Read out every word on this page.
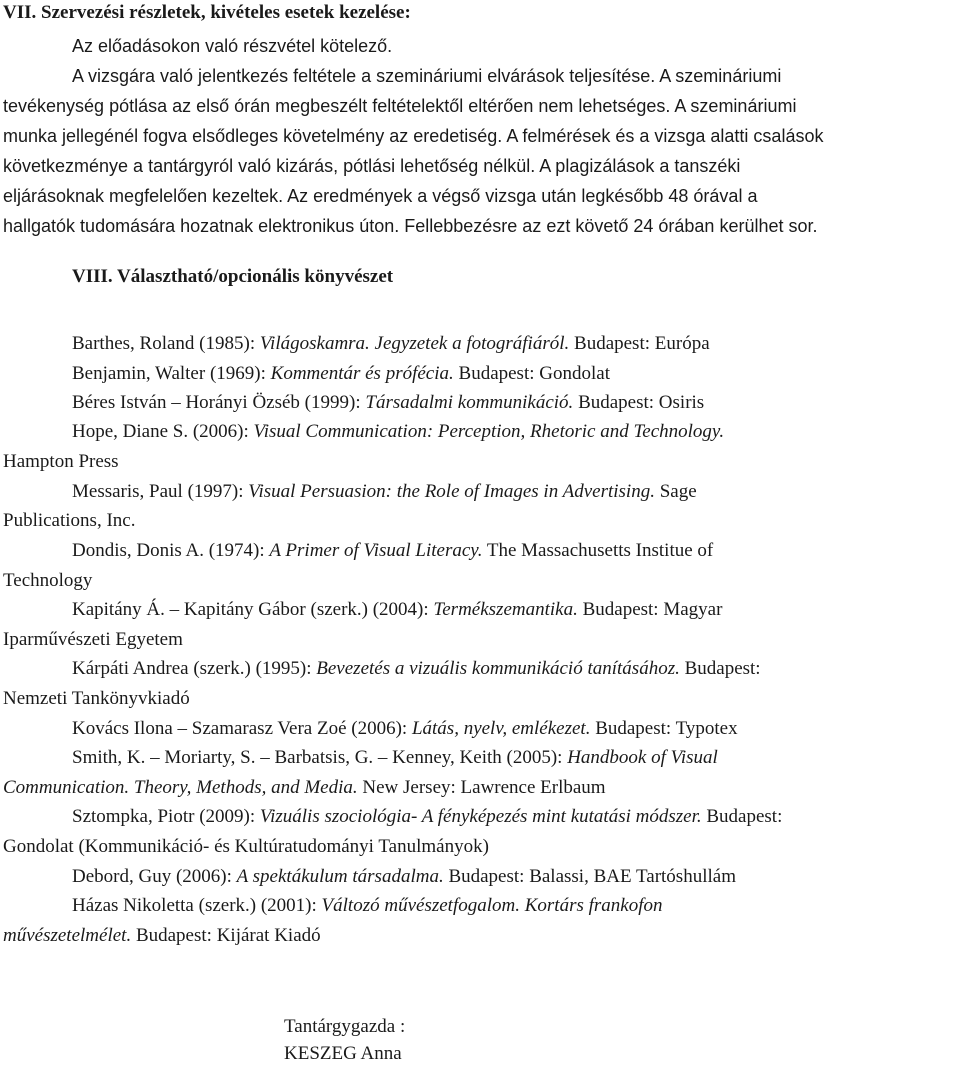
VII. Szervezési részletek, kivételes esetek kezelése:
Az előadásokon való részvétel kötelező.
A vizsgára való jelentkezés feltétele a szemináriumi elvárások teljesítése. A szemináriumi
tevékenység pótlása az első órán megbeszélt feltételektől eltérően nem lehetséges. A szemináriumi
munka jellegénél fogva elsődleges követelmény az eredetiség. A felmérések és a vizsga alatti csalások
következménye a tantárgyról való kizárás, pótlási lehetőség nélkül. A plagizálások a tanszéki
eljárásoknak megfelelően kezeltek. Az eredmények a végső vizsga után legkésőbb 48 órával a
hallgatók tudomására hozatnak elektronikus úton. Fellebbezésre az ezt követő 24 órában kerülhet sor.
VIII. Választható/opcionális könyvészet
Barthes, Roland (1985): Világoskamra. Jegyzetek a fotográfiáról. Budapest: Európa
Benjamin, Walter (1969): Kommentár és prófécia. Budapest: Gondolat
Béres István – Horányi Özséb (1999): Társadalmi kommunikáció. Budapest: Osiris
Hope, Diane S. (2006): Visual Communication: Perception, Rhetoric and Technology.
Hampton Press
Messaris, Paul (1997): Visual Persuasion: the Role of Images in Advertising. Sage
Publications, Inc.
Dondis, Donis A. (1974): A Primer of Visual Literacy. The Massachusetts Institue of
Technology
Kapitány Á. – Kapitány Gábor (szerk.) (2004): Termékszemantika. Budapest: Magyar
Iparművészeti Egyetem
Kárpáti Andrea (szerk.) (1995): Bevezetés a vizuális kommunikáció tanításához. Budapest:
Nemzeti Tankönyvkiadó
Kovács Ilona – Szamarasz Vera Zoé (2006): Látás, nyelv, emlékezet. Budapest: Typotex
Smith, K. – Moriarty, S. – Barbatsis, G. – Kenney, Keith (2005): Handbook of Visual
Communication. Theory, Methods, and Media. New Jersey: Lawrence Erlbaum
Sztompka, Piotr (2009): Vizuális szociológia- A fényképezés mint kutatási módszer. Budapest:
Gondolat (Kommunikáció- és Kultúratudományi Tanulmányok)
Debord, Guy (2006): A spektákulum társadalma. Budapest: Balassi, BAE Tartóshullám
Házas Nikoletta (szerk.) (2001): Változó művészetfogalom. Kortárs frankofon
művészetelmélet. Budapest: Kijárat Kiadó
Tantárgygazda :
KESZEG Anna
